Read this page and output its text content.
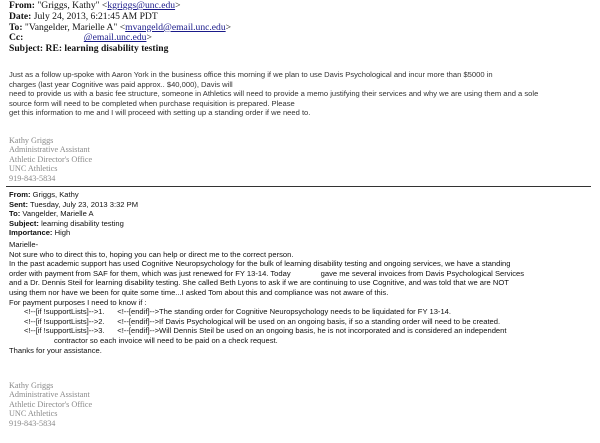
From: "Griggs, Kathy" <kgriggs@unc.edu>
Date: July 24, 2013, 6:21:45 AM PDT
To: "Vangelder, Marielle A" <mvangeld@email.unc.edu>
Cc:	@email.unc.edu>
Subject: RE: learning disability testing

Just as a follow up-spoke with Aaron York in the business office this morning if we plan to use Davis Psychological and incur more than $5000 in

charges (last year Cognitive was paid approx.. $40,000), Davis will

need to provide us with a basic fee structure, someone in Athletics will need to provide a memo justifying their services and why we are using them and a sole

source form will need to be completed when purchase requisition is prepared. Please

get this information to me and I will proceed with setting up a standing order if we need to.

Kathy Griggs
Administrative Assistant
Athletic Director's Office
UNC Athletics
919-843-5834
From: Griggs, Kathy
Sent: Tuesday, July 23, 2013 3:32 PM
To: Vangelder, Marielle A
Subject: learning disability testing
Importance: High

Marielle-

Not sure who to direct this to, hoping you can help or direct me to the correct person.

In the past academic support has used Cognitive Neuropsychology for the bulk of learning disability testing and ongoing services, we have a standing

order with payment from SAF for them, which was just renewed for FY 13-14. Today	gave me several invoices from Davis Psychological Services

and a Dr. Dennis Steil for learning disability testing. She called Beth Lyons to ask if we are continuing to use Cognitive, and was told that we are NOT

using them nor have we been for quite some time...I asked Tom about this and compliance was not aware of this.

For payment purposes I need to know if :

<!--[if !supportLists]-->1.      <!--[endif]-->The standing order for Cognitive Neuropsychology needs to be liquidated for FY 13-14.

<!--[if !supportLists]-->2.      <!--[endif]-->If Davis Psychological will be used on an ongoing basis, if so a standing order will need to be created.

<!--[if !supportLists]-->3.      <!--[endif]-->Will Dennis Steil be used on an ongoing basis, he is not incorporated and is considered an independent

contractor so each invoice will need to be paid on a check request.

Thanks for your assistance.

Kathy Griggs
Administrative Assistant
Athletic Director's Office
UNC Athletics
919-843-5834
